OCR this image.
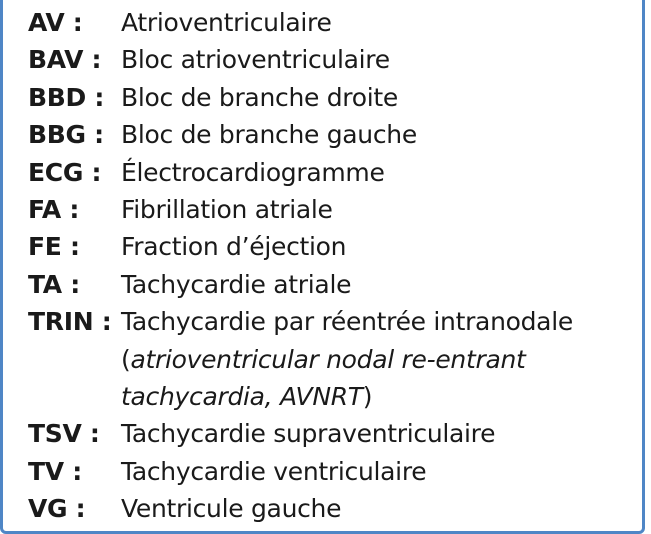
AV :	Atrioventriculaire
BAV : Bloc atrioventriculaire
BBD : Bloc de branche droite
BBG : Bloc de branche gauche
ECG : Électrocardiogramme
FA :	Fibrillation atriale
FE :	Fraction d’éjection
TA :	Tachycardie atriale
TRIN : Tachycardie par réentrée intranodale
(atrioventricular nodal re-entrant
tachycardia, AVNRT)
TSV : Tachycardie supraventriculaire
TV :	Tachycardie ventriculaire
VG :	Ventricule gauche
